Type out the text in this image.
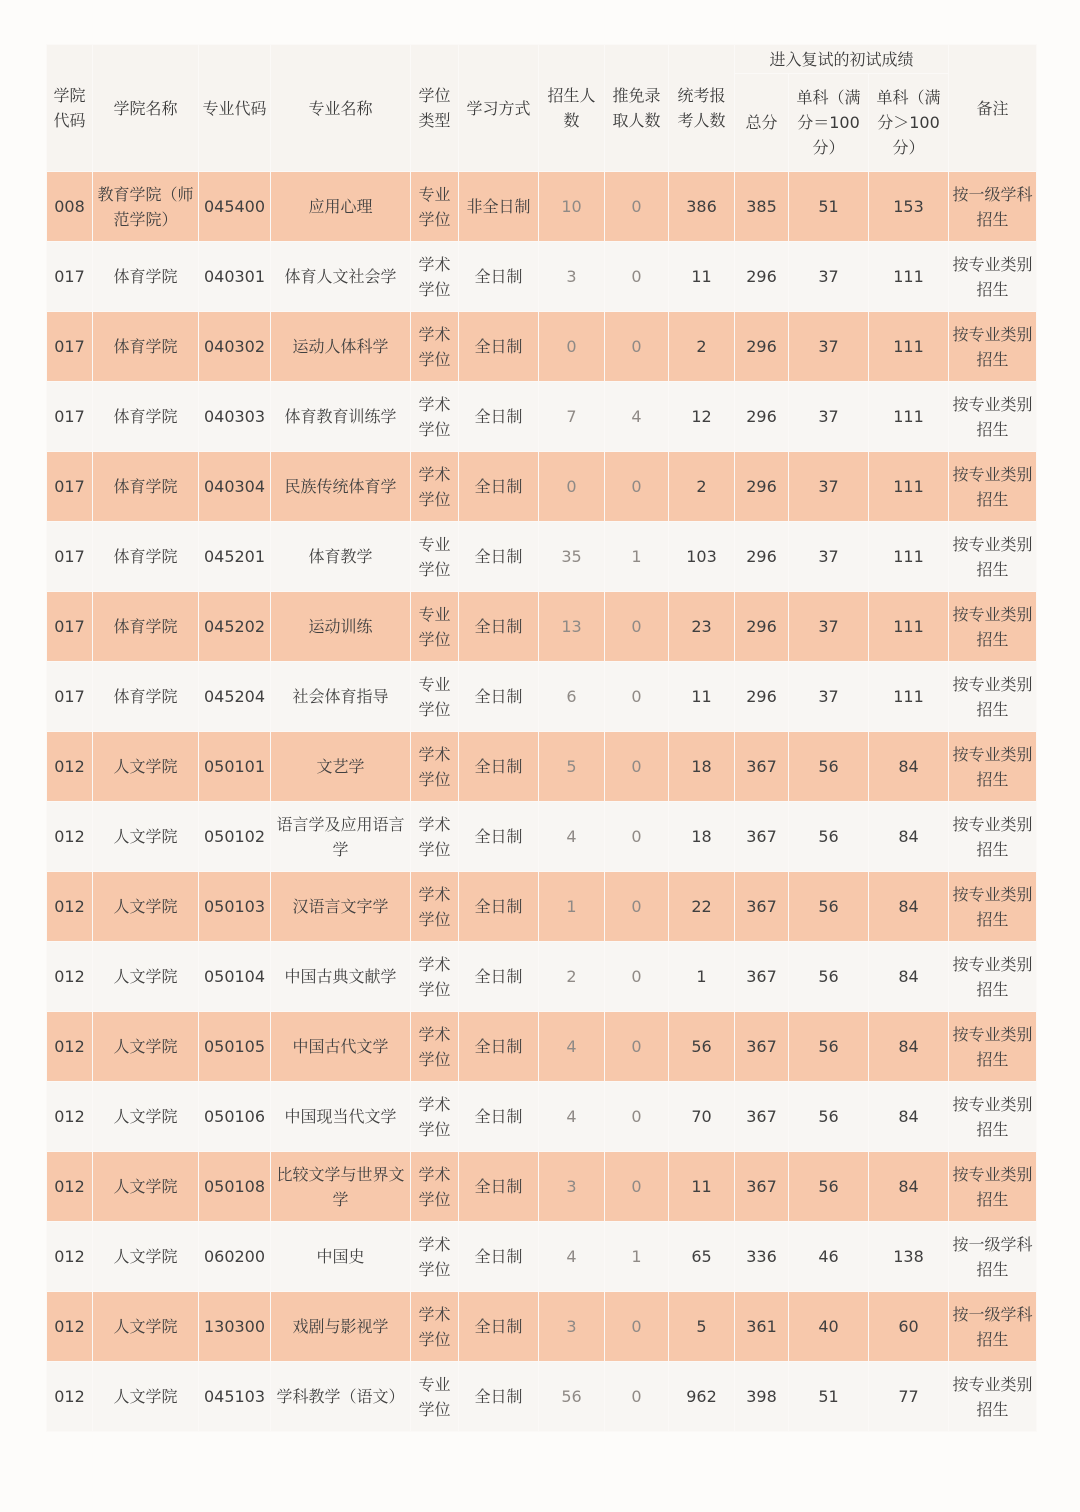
学院代码	学院名称	专业代码	专业名称	学位类型	学习方式	招生人数	推免录取人数	统考报考人数	进入复试的初试成绩			备注
									总分	单科（满分＝100分）	单科（满分＞100分）	
008	教育学院（师范学院）	045400	应用心理	专业学位	非全日制	10	0	386	385	51	153	按一级学科招生
017	体育学院	040301	体育人文社会学	学术学位	全日制	3	0	11	296	37	111	按专业类别招生
017	体育学院	040302	运动人体科学	学术学位	全日制	0	0	2	296	37	111	按专业类别招生
017	体育学院	040303	体育教育训练学	学术学位	全日制	7	4	12	296	37	111	按专业类别招生
017	体育学院	040304	民族传统体育学	学术学位	全日制	0	0	2	296	37	111	按专业类别招生
017	体育学院	045201	体育教学	专业学位	全日制	35	1	103	296	37	111	按专业类别招生
017	体育学院	045202	运动训练	专业学位	全日制	13	0	23	296	37	111	按专业类别招生
017	体育学院	045204	社会体育指导	专业学位	全日制	6	0	11	296	37	111	按专业类别招生
012	人文学院	050101	文艺学	学术学位	全日制	5	0	18	367	56	84	按专业类别招生
012	人文学院	050102	语言学及应用语言学	学术学位	全日制	4	0	18	367	56	84	按专业类别招生
012	人文学院	050103	汉语言文字学	学术学位	全日制	1	0	22	367	56	84	按专业类别招生
012	人文学院	050104	中国古典文献学	学术学位	全日制	2	0	1	367	56	84	按专业类别招生
012	人文学院	050105	中国古代文学	学术学位	全日制	4	0	56	367	56	84	按专业类别招生
012	人文学院	050106	中国现当代文学	学术学位	全日制	4	0	70	367	56	84	按专业类别招生
012	人文学院	050108	比较文学与世界文学	学术学位	全日制	3	0	11	367	56	84	按专业类别招生
012	人文学院	060200	中国史	学术学位	全日制	4	1	65	336	46	138	按一级学科招生
012	人文学院	130300	戏剧与影视学	学术学位	全日制	3	0	5	361	40	60	按一级学科招生
012	人文学院	045103	学科教学（语文）	专业学位	全日制	56	0	962	398	51	77	按专业类别招生
